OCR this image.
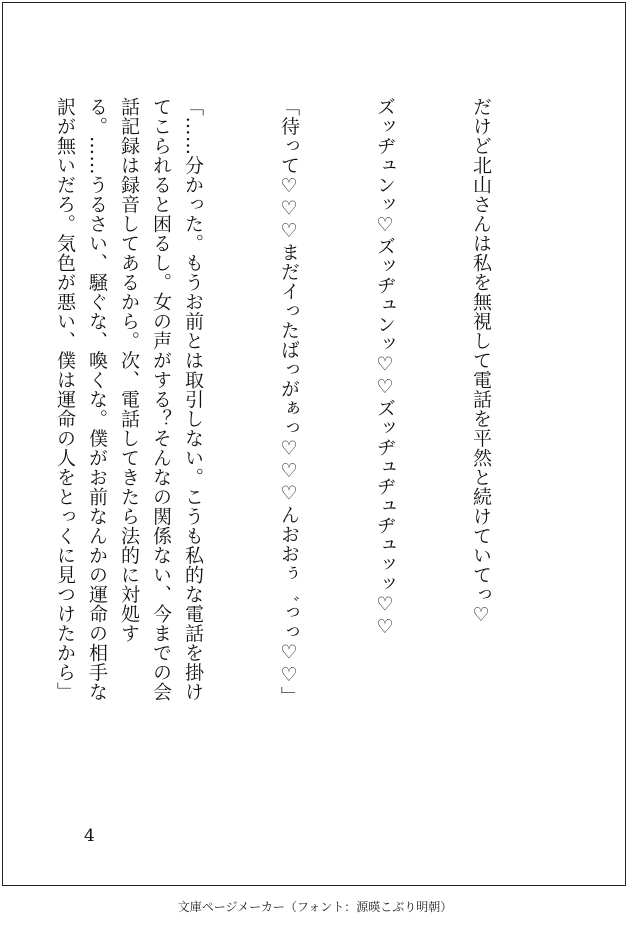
だけど北山さんは私を無視して電話を平然と続けていてっ♡

ズッヂュンッ♡ズッヂュンッ♡♡ズッヂュヂュヂュッッ♡♡

「待って♡♡♡まだイったばっがぁっ♡♡♡んおおぅ゛っっ♡♡」

「……分かった。もうお前とは取引しない。こうも私的な電話を掛けてこられると困るし。女の声がする？そんなの関係ない、今までの会話記録は録音してあるから。次、電話してきたら法的に対処する。……うるさい、騒ぐな、喚くな。僕がお前なんかの運命の相手な訳が無いだろ。気色が悪い、僕は運命の人をとっくに見つけたから」

4
文庫ページメーカー（フォント：源暎こぶり明朝）
